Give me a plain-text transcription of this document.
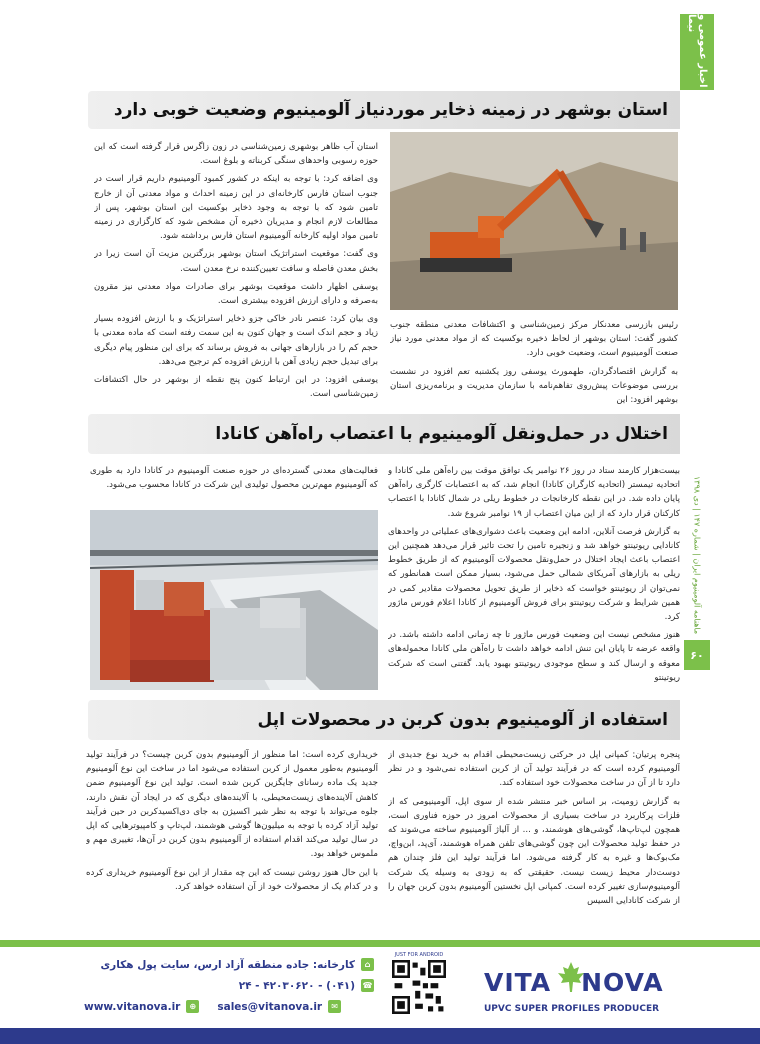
اخبار عمومی و نیما
ماهنامه آلومینیوم ایران | شماره ۱۴۷ | دی ۱۳۹۸
۶۰
استان بوشهر در زمینه ذخایر موردنیاز آلومینیوم وضعیت خوبی دارد

استان آب ظاهر بوشهری زمین‌شناسی در زون زاگرس قرار گرفته است که این حوزه رسوبی واحدهای سنگی کربناته و بلوغ است.

وی اضافه کرد: با توجه به اینکه در کشور کمبود آلومینیوم داریم قرار است در جنوب استان فارس کارخانه‌ای در این زمینه احداث و مواد معدنی آن از خارج تامین شود که با توجه به وجود ذخایر بوکسیت این استان بوشهر، پس از مطالعات لازم انجام و مدیریان ذخیره آن مشخص شود که کارگزاری در زمینه تامین مواد اولیه کارخانه آلومینیوم استان فارس برداشته شود.

وی گفت: موقعیت استراتژیک استان بوشهر بزرگترین مزیت آن است زیرا در بخش معدن فاصله و سافت تعیین‌کننده نرخ معدن است.

یوسفی اظهار داشت موقعیت بوشهر برای صادرات مواد معدنی نیز مقرون به‌صرفه و دارای ارزش افزوده بیشتری است.

وی بیان کرد: عنصر نادر خاکی جزو ذخایر استراتژیک و با ارزش افزوده بسیار زیاد و حجم اندک است و جهان کنون به این سمت رفته است که ماده معدنی با حجم کم را در بازارهای جهانی به فروش برساند که برای این منظور پیام دیگری برای تبدیل حجم زیادی آهن با ارزش افزوده کم ترجیح می‌دهد.

یوسفی افزود: در این ارتباط کنون پنج نقطه از بوشهر در حال اکتشافات زمین‌شناسی است.

رئیس بازرسی معدنکار مرکز زمین‌شناسی و اکتشافات معدنی منطقه جنوب کشور گفت: استان بوشهر از لحاظ ذخیره بوکسیت که از مواد معدنی مورد نیاز صنعت آلومینیوم است، وضعیت خوبی دارد.

به گزارش اقتصادگردان، طهمورث یوسفی روز یکشنبه تعم افزود در نشست بررسی موضوعات پیش‌روی تفاهم‌نامه با سازمان مدیریت و برنامه‌ریزی استان بوشهر افزود: این

اختلال در حمل‌ونقل آلومینیوم با اعتصاب راه‌آهن کانادا

فعالیت‌های معدنی گسترده‌ای در حوزه صنعت آلومینیوم در کانادا دارد به طوری که آلومینیوم مهم‌ترین محصول تولیدی این شرکت در کانادا محسوب می‌شود.

بیست‌هزار کارمند ستاد در روز ۲۶ نوامبر یک توافق موقت بین راه‌آهن ملی کانادا و اتحادیه تیمستر (اتحادیه کارگران کانادا) انجام شد، که به اعتصابات کارگری راه‌آهن پایان داده شد. در این نقطه کارخانجات در خطوط ریلی در شمال کانادا با اعتصاب کارکنان قرار دارد که از این میان اعتصاب از ۱۹ نوامبر شروع شد.

به گزارش فرصت آنلاین، ادامه این وضعیت باعث دشواری‌های عملیاتی در واحدهای کانادایی ریوتینتو خواهد شد و زنجیره تامین را تحت تاثیر قرار می‌دهد همچنین این اعتصاب باعث ایجاد اختلال در حمل‌ونقل محصولات آلومینیوم که از طریق خطوط ریلی به بازارهای آمریکای شمالی حمل می‌شود، بسیار ممکن است همانطور که نمی‌توان از ریوتینتو خواست که ذخایر از طریق تحویل محصولات مقادیر کمی در همین شرایط و شرکت ریوتینتو برای فروش آلومینیوم از کانادا اعلام فورس ماژور کرد.

هنوز مشخص نیست این وضعیت فورس ماژور تا چه زمانی ادامه داشته باشد. در واقعه عرضه تا پایان این تنش ادامه خواهد داشت تا راه‌آهن ملی کانادا محموله‌های معوقه و ارسال کند و سطح موجودی ریوتینتو بهبود یابد. گفتنی است که شرکت ریوتینتو

استفاده از آلومینیوم بدون کربن در محصولات اپل

پنجره پرتیان: کمپانی اپل در حرکتی زیست‌محیطی اقدام به خرید نوع جدیدی از آلومینیوم کرده است که در فرآیند تولید آن از کربن استفاده نمی‌شود و در نظر دارد تا از آن در ساخت محصولات خود استفاده کند.

به گزارش زومیت، بر اساس خبر منتشر شده از سوی اپل، آلومینیومی که از فلزات پرکاربرد در ساخت بسیاری از محصولات امروز در حوزه فناوری است، همچون لپ‌تاپ‌ها، گوشی‌های هوشمند، و ... از آلیاژ آلومینیوم ساخته می‌شوند که در حفظ تولید محصولات این چون گوشی‌های تلفن همراه هوشمند، آی‌پد، ابن‌واچ، مک‌بوک‌ها و غیره به کار گرفته می‌شود. اما فرآیند تولید این فلز چندان هم دوست‌دار محیط زیست نیست. حقیقتی که به زودی به وسیله یک شرکت آلومینیوم‌سازی تغییر کرده است. کمپانی اپل نخستین آلومینیوم بدون کربن جهان را از شرکت کانادایی السیس

خریداری کرده است: اما منظور از آلومینیوم بدون کربن چیست؟ در فرآیند تولید آلومینیوم به‌طور معمول از کربن استفاده می‌شود اما در ساخت این نوع آلومینیوم جدید یک ماده رسانای جایگزین کربن شده است. تولید این نوع آلومینیوم ضمن کاهش آلاینده‌های زیست‌محیطی، با آلاینده‌های دیگری که در ایجاد آن نقش دارند، جلوه می‌تواند با توجه به نظر شیر اکسیژن به جای دی‌اکسیدکربن در حین فرآیند تولید آزاد کرده با توجه به میلیون‌ها گوشی هوشمند، لپ‌تاپ و کامپیوترهایی که اپل در سال تولید می‌کند اقدام استفاده از آلومینیوم بدون کربن در آن‌ها، تغییری مهم و ملموس خواهد بود.

با این حال هنوز روشن نیست که این چه مقدار از این نوع آلومینیوم خریداری کرده و در کدام یک از محصولات خود از آن استفاده خواهد کرد.

VITA NOVA
UPVC SUPER PROFILES PRODUCER
JUST FOR ANDROID
⌂
کارخانه: جاده منطقه آزاد ارس، سایت پول هکاری
☎
(۰۴۱) - ۴۲۰۳۰۶۲۰ - ۲۴
www.vitanova.ir	⊕	sales@vitanova.ir	✉
